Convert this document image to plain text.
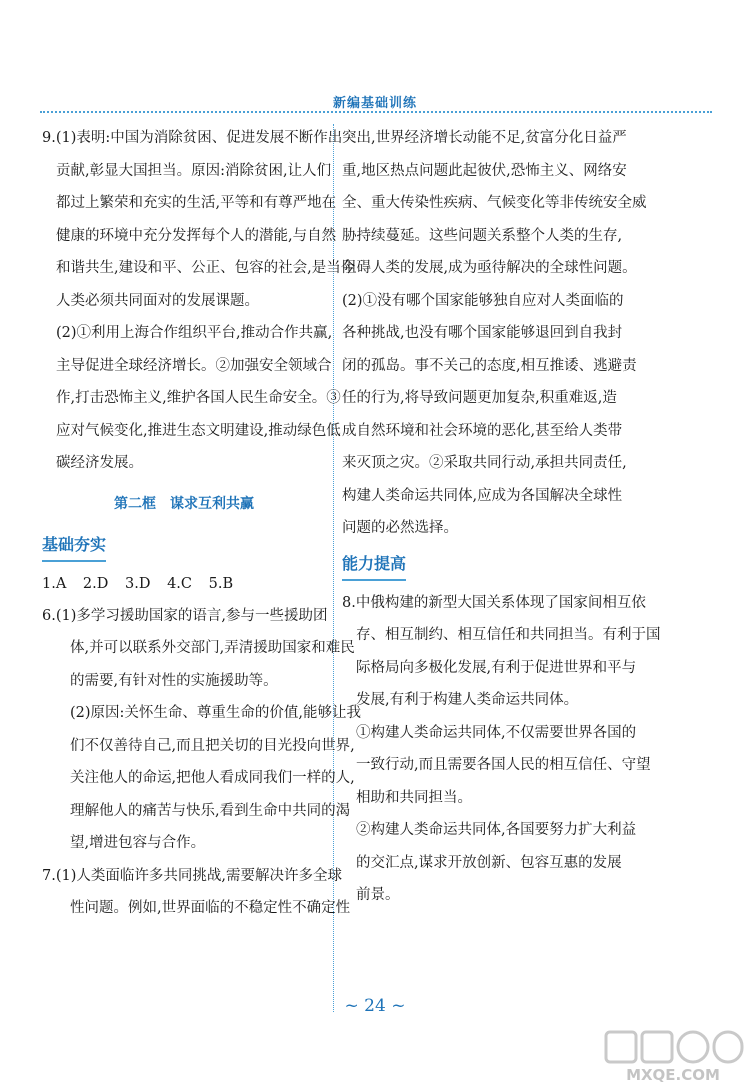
新编基础训练

9.(1)表明:中国为消除贫困、促进发展不断作出

贡献,彰显大国担当。原因:消除贫困,让人们

都过上繁荣和充实的生活,平等和有尊严地在

健康的环境中充分发挥每个人的潜能,与自然

和谐共生,建设和平、公正、包容的社会,是当今

人类必须共同面对的发展课题。

(2)①利用上海合作组织平台,推动合作共赢,

主导促进全球经济增长。②加强安全领域合

作,打击恐怖主义,维护各国人民生命安全。③

应对气候变化,推进生态文明建设,推动绿色低

碳经济发展。

第二框　谋求互利共赢
基础夯实

1.A 2.D 3.D 4.C 5.B

6.(1)多学习援助国家的语言,参与一些援助团

体,并可以联系外交部门,弄清援助国家和难民

的需要,有针对性的实施援助等。

(2)原因:关怀生命、尊重生命的价值,能够让我

们不仅善待自己,而且把关切的目光投向世界,

关注他人的命运,把他人看成同我们一样的人,

理解他人的痛苦与快乐,看到生命中共同的渴

望,增进包容与合作。

7.(1)人类面临许多共同挑战,需要解决许多全球

性问题。例如,世界面临的不稳定性不确定性

突出,世界经济增长动能不足,贫富分化日益严

重,地区热点问题此起彼伏,恐怖主义、网络安

全、重大传染性疾病、气候变化等非传统安全威

胁持续蔓延。这些问题关系整个人类的生存,

阻碍人类的发展,成为亟待解决的全球性问题。

(2)①没有哪个国家能够独自应对人类面临的

各种挑战,也没有哪个国家能够退回到自我封

闭的孤岛。事不关己的态度,相互推诿、逃避责

任的行为,将导致问题更加复杂,积重难返,造

成自然环境和社会环境的恶化,甚至给人类带

来灭顶之灾。②采取共同行动,承担共同责任,

构建人类命运共同体,应成为各国解决全球性

问题的必然选择。

能力提高

8.中俄构建的新型大国关系体现了国家间相互依

存、相互制约、相互信任和共同担当。有利于国

际格局向多极化发展,有利于促进世界和平与

发展,有利于构建人类命运共同体。

①构建人类命运共同体,不仅需要世界各国的

一致行动,而且需要各国人民的相互信任、守望

相助和共同担当。

②构建人类命运共同体,各国要努力扩大利益

的交汇点,谋求开放创新、包容互惠的发展

前景。

~ 24 ~
MXQE.COM
